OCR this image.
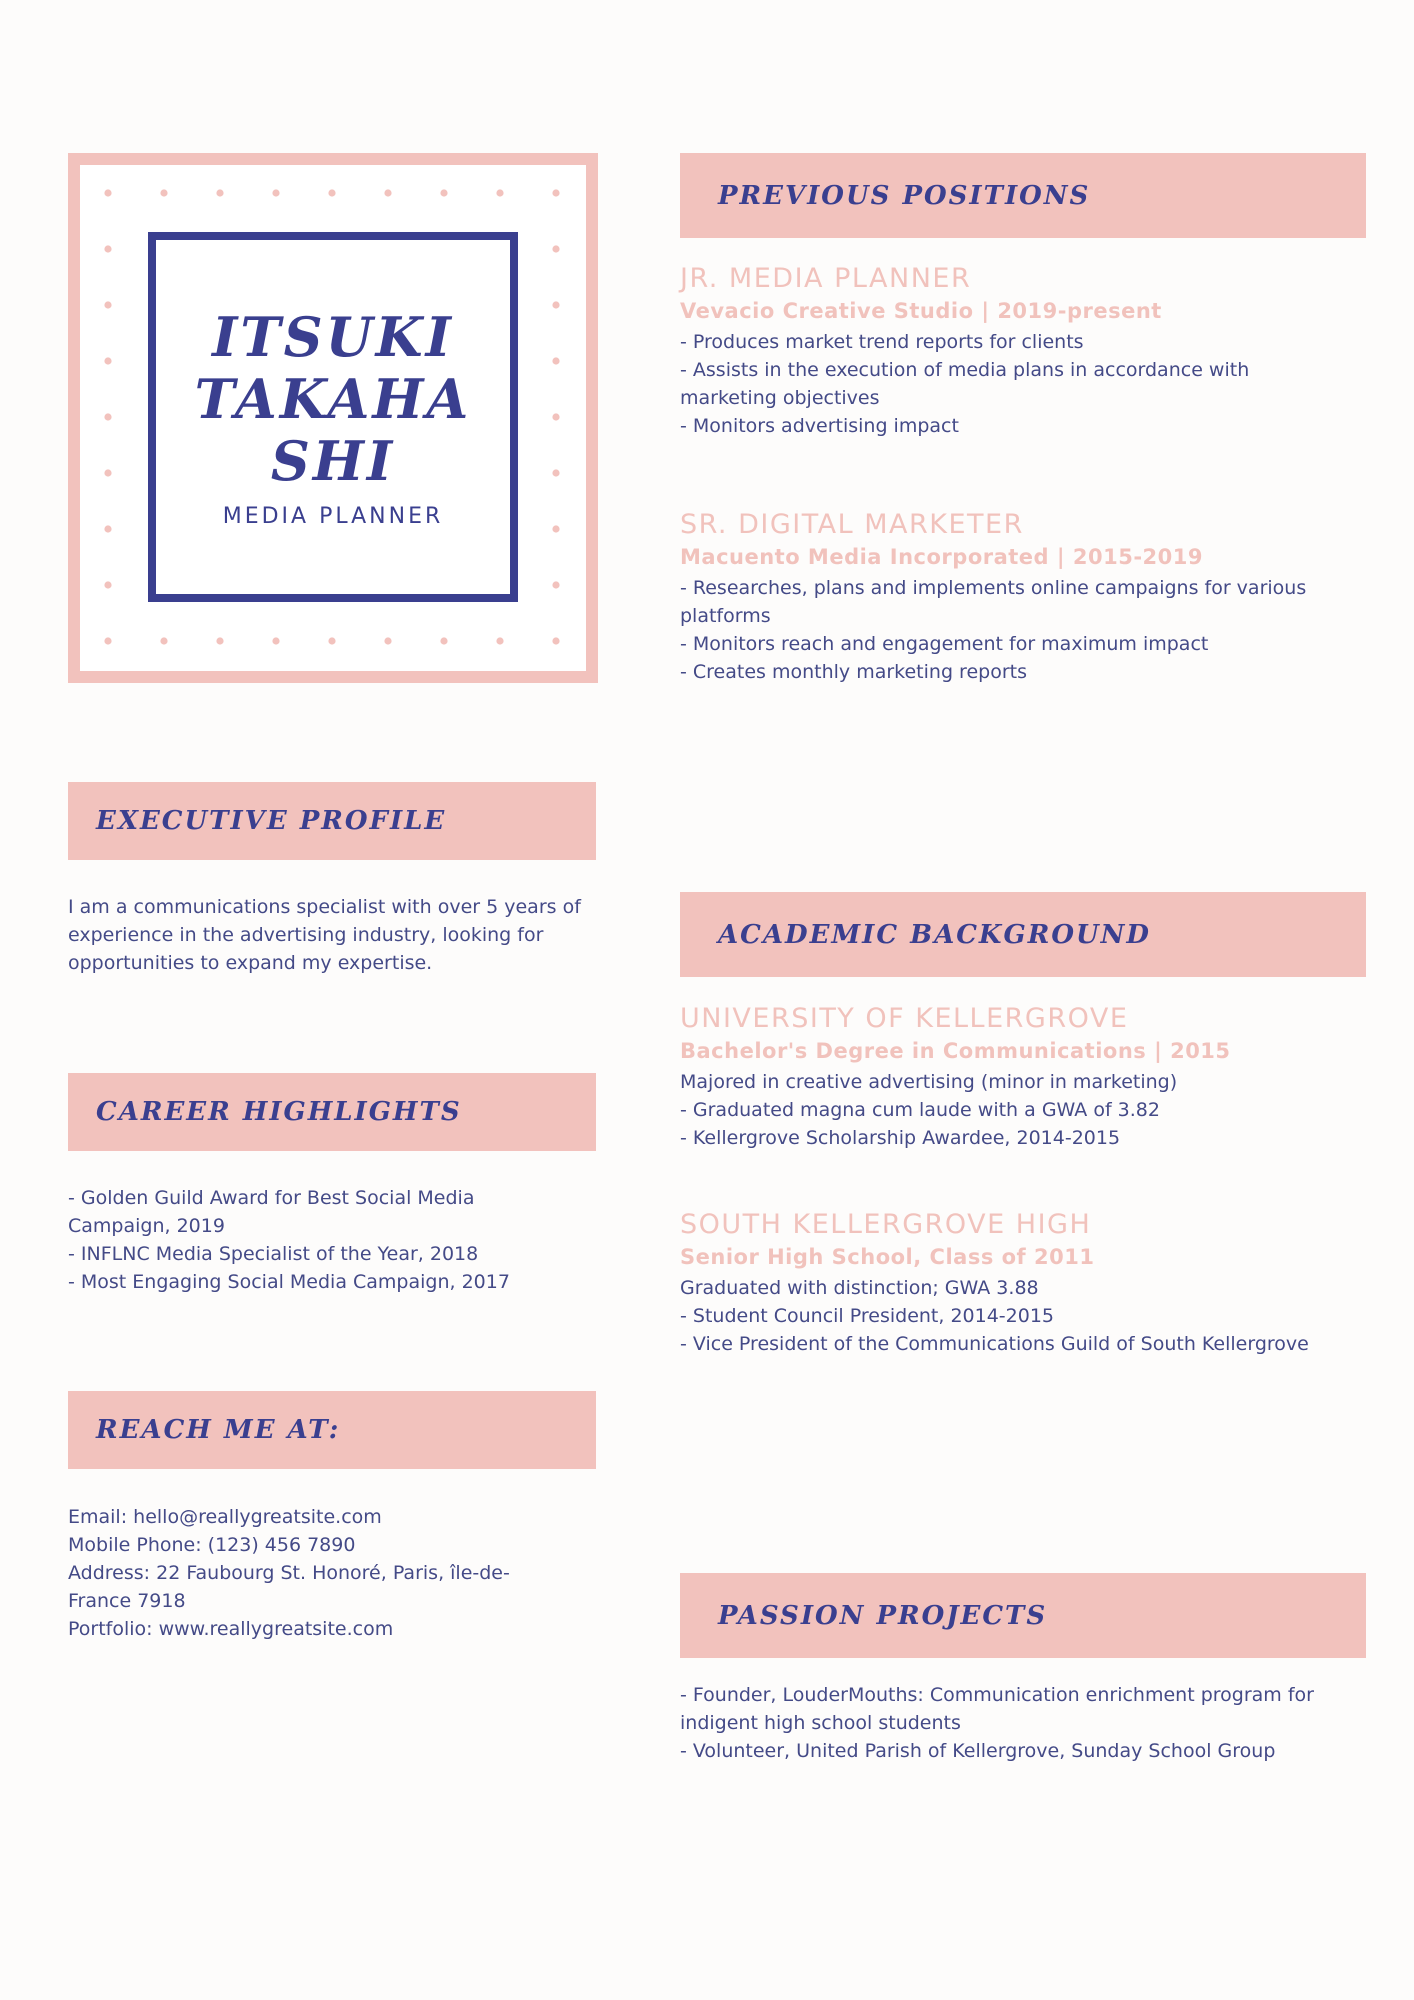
ITSUKI TAKAHASHI
MEDIA PLANNER
EXECUTIVE PROFILE
I am a communications specialist with over 5 years of experience in the advertising industry, looking for opportunities to expand my expertise.
CAREER HIGHLIGHTS
- Golden Guild Award for Best Social Media Campaign, 2019
- INFLNC Media Specialist of the Year, 2018
- Most Engaging Social Media Campaign, 2017
REACH ME AT:
Email: hello@reallygreatsite.com
Mobile Phone: (123) 456 7890
Address: 22 Faubourg St. Honoré, Paris, île-de-France 7918
Portfolio: www.reallygreatsite.com
PREVIOUS POSITIONS
JR. MEDIA PLANNER
Vevacio Creative Studio | 2019-present
- Produces market trend reports for clients
- Assists in the execution of media plans in accordance with marketing objectives
- Monitors advertising impact
SR. DIGITAL MARKETER
Macuento Media Incorporated | 2015-2019
- Researches, plans and implements online campaigns for various platforms
- Monitors reach and engagement for maximum impact
- Creates monthly marketing reports
ACADEMIC BACKGROUND
UNIVERSITY OF KELLERGROVE
Bachelor's Degree in Communications | 2015
Majored in creative advertising (minor in marketing)
- Graduated magna cum laude with a GWA of 3.82
- Kellergrove Scholarship Awardee, 2014-2015
SOUTH KELLERGROVE HIGH
Senior High School, Class of 2011
Graduated with distinction; GWA 3.88
- Student Council President, 2014-2015
- Vice President of the Communications Guild of South Kellergrove
PASSION PROJECTS
- Founder, LouderMouths: Communication enrichment program for indigent high school students
- Volunteer, United Parish of Kellergrove, Sunday School Group
